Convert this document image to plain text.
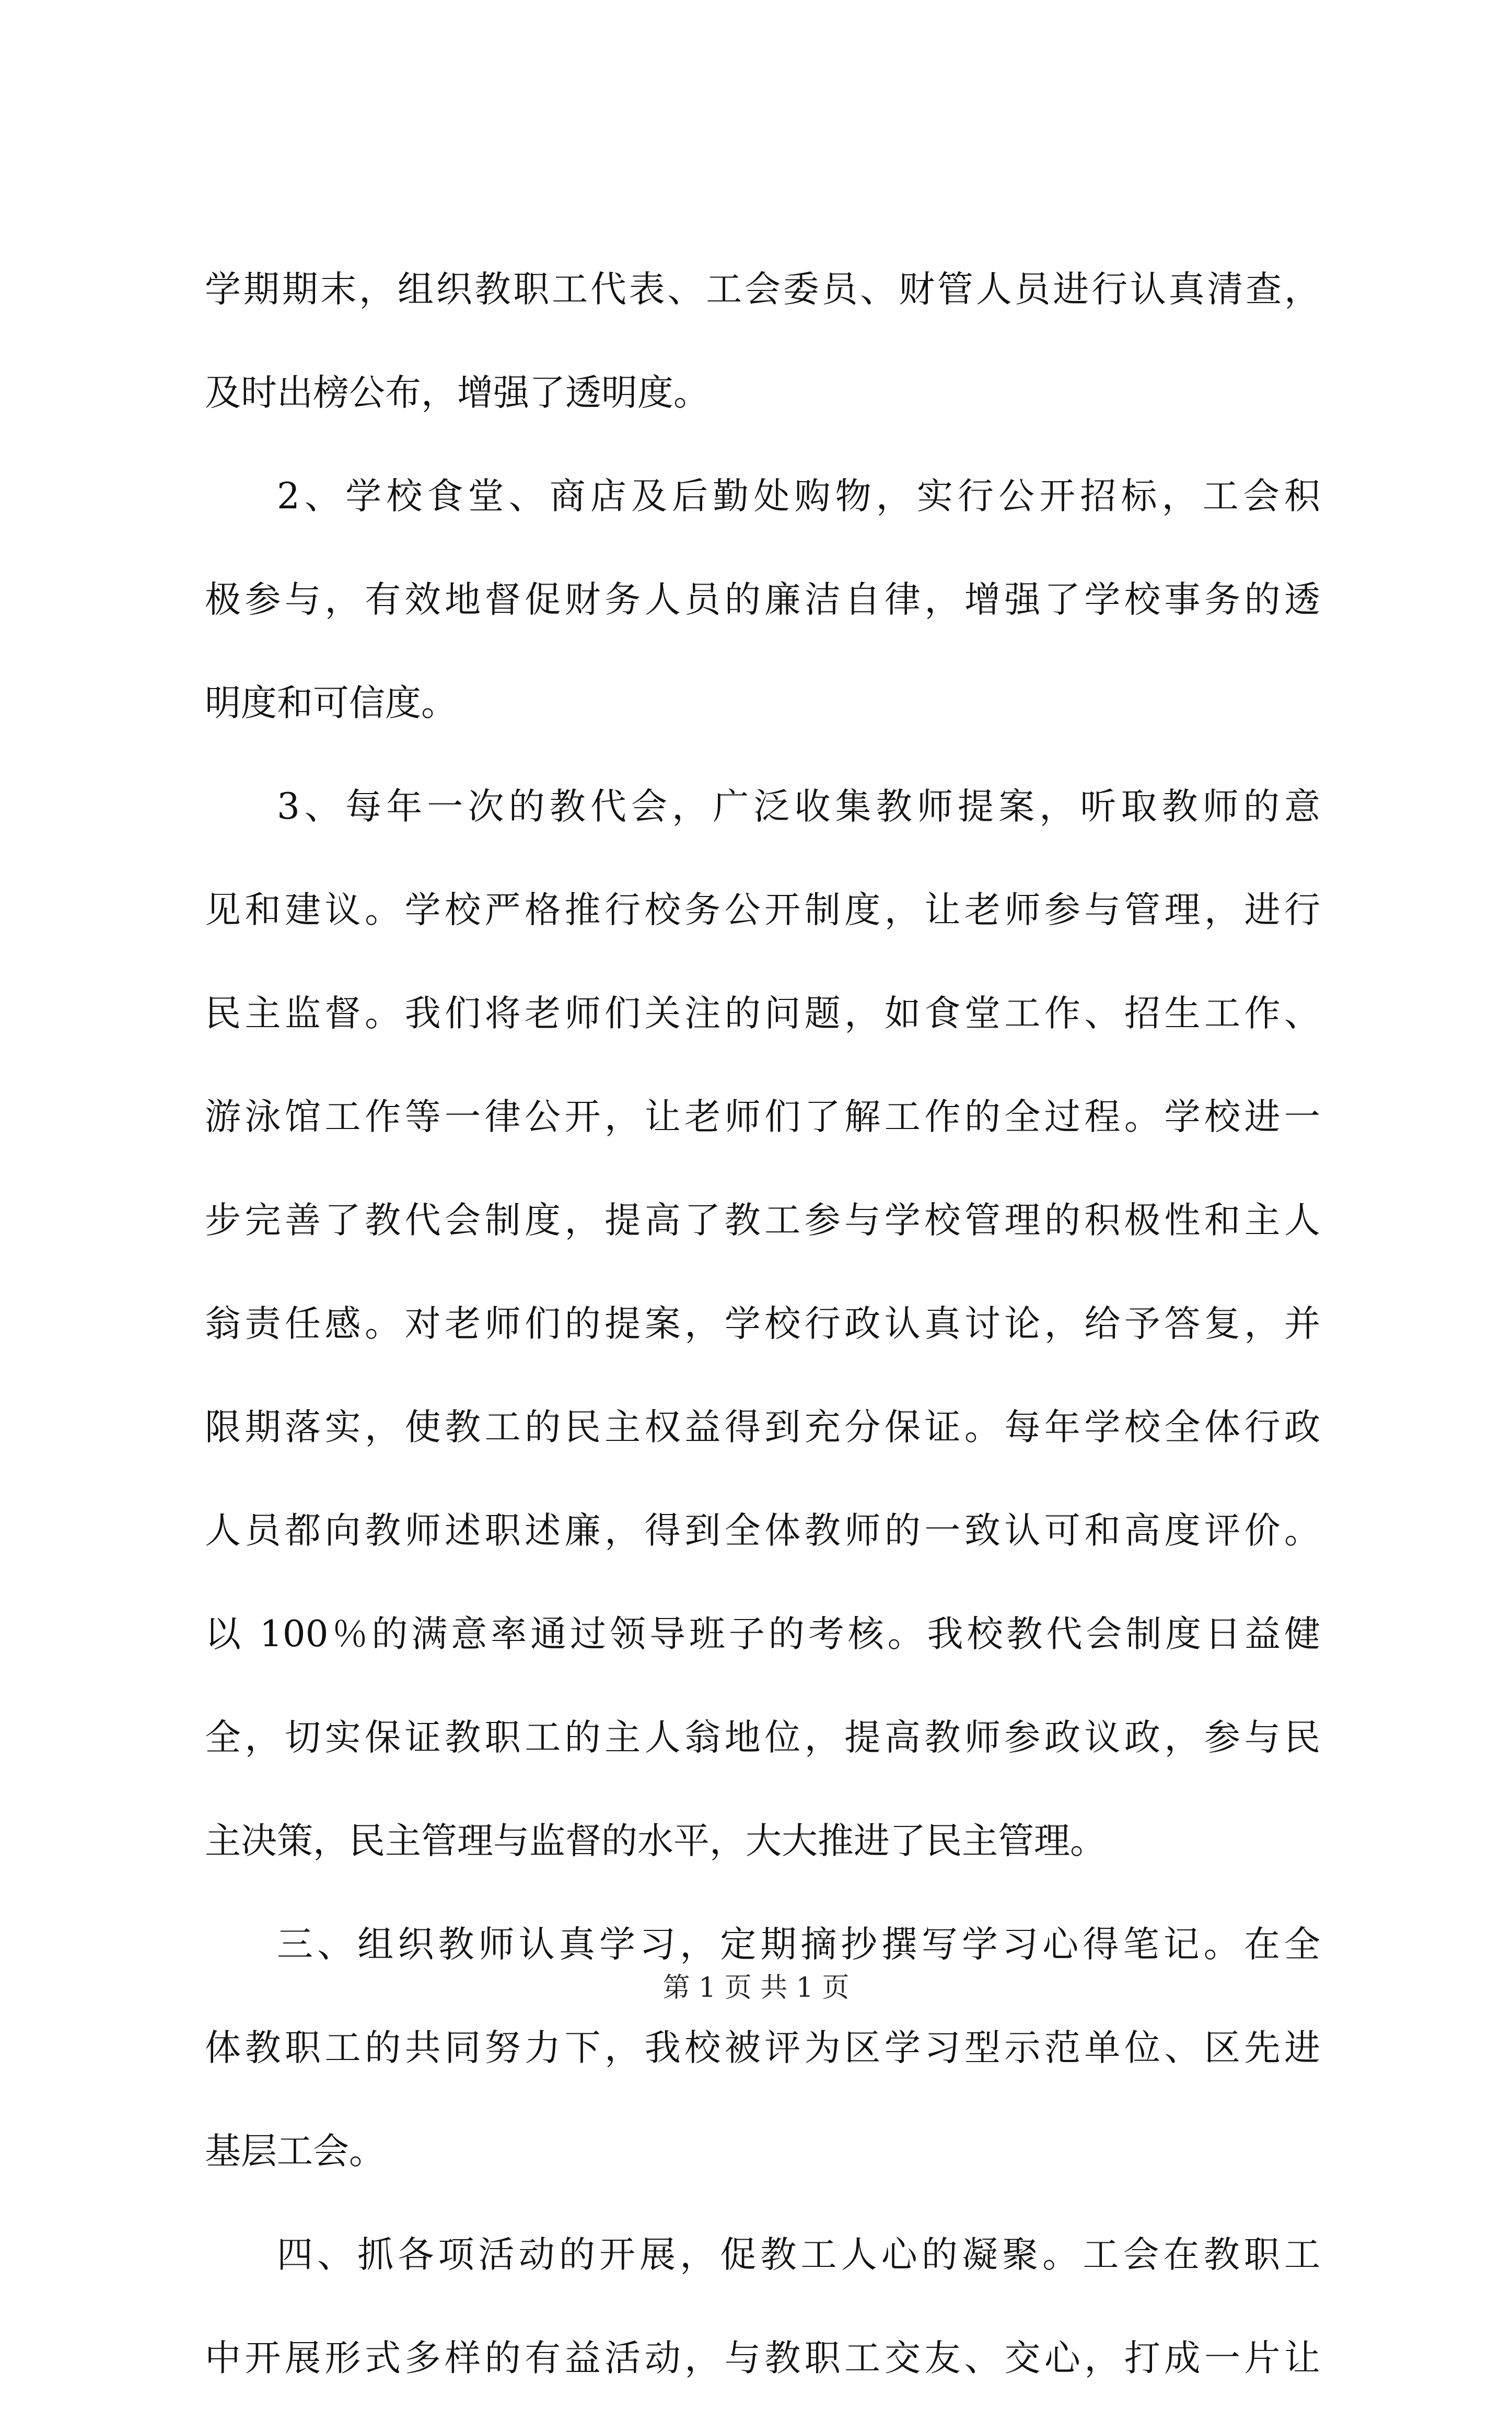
学期期末，组织教职工代表、工会委员、财管人员进行认真清查，
及时出榜公布，增强了透明度。
2、学校食堂、商店及后勤处购物，实行公开招标，工会积
极参与，有效地督促财务人员的廉洁自律，增强了学校事务的透
明度和可信度。
3、每年一次的教代会，广泛收集教师提案，听取教师的意
见和建议。学校严格推行校务公开制度，让老师参与管理，进行
民主监督。我们将老师们关注的问题，如食堂工作、招生工作、
游泳馆工作等一律公开，让老师们了解工作的全过程。学校进一
步完善了教代会制度，提高了教工参与学校管理的积极性和主人
翁责任感。对老师们的提案，学校行政认真讨论，给予答复，并
限期落实，使教工的民主权益得到充分保证。每年学校全体行政
人员都向教师述职述廉，得到全体教师的一致认可和高度评价。
以 100％的满意率通过领导班子的考核。我校教代会制度日益健
全，切实保证教职工的主人翁地位，提高教师参政议政，参与民
主决策，民主管理与监督的水平，大大推进了民主管理。
三、组织教师认真学习，定期摘抄撰写学习心得笔记。在全
体教职工的共同努力下，我校被评为区学习型示范单位、区先进
基层工会。
四、抓各项活动的开展，促教工人心的凝聚。工会在教职工
中开展形式多样的有益活动，与教职工交友、交心，打成一片让
第 1 页 共 1 页
